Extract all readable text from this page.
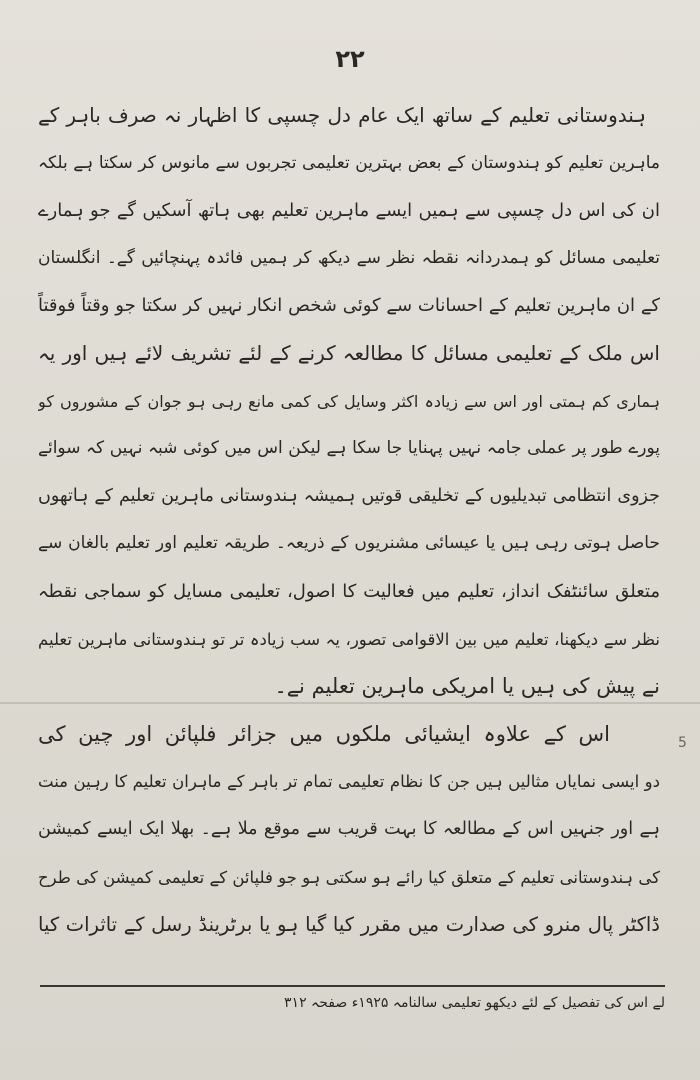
۲۲
ہندوستانی تعلیم کے ساتھ ایک عام دل چسپی کا اظہار نہ صرف باہر کے
ماہرین تعلیم کو ہندوستان کے بعض بہترین تعلیمی تجربوں سے مانوس کر سکتا ہے بلکہ
ان کی اس دل چسپی سے ہمیں ایسے ماہرین تعلیم بھی ہاتھ آسکیں گے جو ہمارے
تعلیمی مسائل کو ہمدردانہ نقطہ نظر سے دیکھ کر ہمیں فائدہ پہنچائیں گے۔ انگلستان
کے ان ماہرین تعلیم کے احسانات سے کوئی شخص انکار نہیں کر سکتا جو وقتاً فوقتاً
اس ملک کے تعلیمی مسائل کا مطالعہ کرنے کے لئے تشریف لائے ہیں اور یہ
ہماری کم ہمتی اور اس سے زیادہ اکثر وسایل کی کمی مانع رہی ہو جوان کے مشوروں کو
پورے طور پر عملی جامہ نہیں پہنایا جا سکا ہے لیکن اس میں کوئی شبہ نہیں کہ سوائے
جزوی انتظامی تبدیلیوں کے تخلیقی قوتیں ہمیشہ ہندوستانی ماہرین تعلیم کے ہاتھوں
حاصل ہوتی رہی ہیں یا عیسائی مشنریوں کے ذریعہ۔ طریقہ تعلیم اور تعلیم بالغان سے
متعلق سائنٹفک انداز، تعلیم میں فعالیت کا اصول، تعلیمی مسایل کو سماجی نقطہ
نظر سے دیکھنا، تعلیم میں بین الاقوامی تصور، یہ سب زیادہ تر تو ہندوستانی ماہرین تعلیم
نے پیش کی ہیں یا امریکی ماہرین تعلیم نے۔
اس کے علاوہ ایشیائی ملکوں میں جزائر فلپائن اور چین کی
دو ایسی نمایاں مثالیں ہیں جن کا نظام تعلیمی تمام تر باہر کے ماہران تعلیم کا رہین منت
ہے اور جنہیں اس کے مطالعہ کا بہت قریب سے موقع ملا ہے۔ بھلا ایک ایسے کمیشن
کی ہندوستانی تعلیم کے متعلق کیا رائے ہو سکتی ہو جو فلپائن کے تعلیمی کمیشن کی طرح
ڈاکٹر پال منرو کی صدارت میں مقرر کیا گیا ہو یا برٹرینڈ رسل کے تاثرات کیا
5
لے اس کی تفصیل کے لئے دیکھو تعلیمی سالنامہ ۱۹۲۵ء صفحہ ۳۱۲
